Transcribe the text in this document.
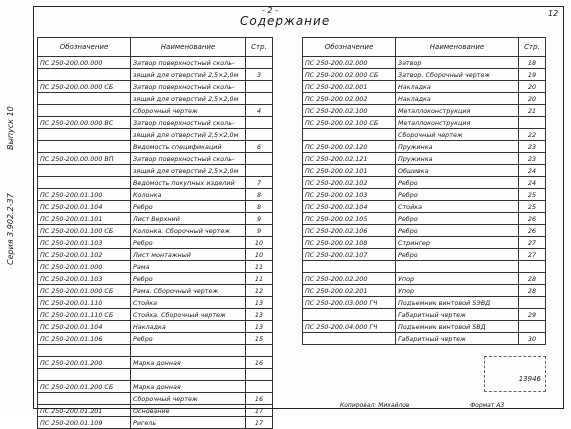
Выпуск 10
Серия 3.902.2-37
- 2 -	12
Содержание
Обозначение	Наименование	Стр.
ПС 250-200.00.000	Затвор поверхностный сколь-	
	зящий для отверстий 2,5×2,0м	3
ПС 250-200.00.000 СБ	Затвор поверхностный сколь-	
	зящий для отверстий 2,5×2,0м	
	Сборочный чертеж	4
ПС 250-200.00.000 ВС	Затвор поверхностный сколь-	
	зящий для отверстий 2,5×2,0м	
	Ведомость спецификаций	6
ПС 250-200.00.000 ВП	Затвор поверхностный сколь-	
	зящий для отверстий 2,5×2,0м	
	Ведомость покупных изделий	7
ПС 250-200.01.100	Колонка	8
ПС 250-200.01.104	Ребро	8
ПС 250-200.01.101	Лист Верхний	9
ПС 250-200.01.100 СБ	Колонка. Сборочный чертеж	9
ПС 250-200.01.103	Ребро	10
ПС 250-200.01.102	Лист монтажный	10
ПС 250-200.01.000	Рама	11
ПС 250-200.01.103	Ребро	11
ПС 250-200.01.000 СБ	Рама. Сборочный чертеж	12
ПС 250-200.01.110	Стойка	13
ПС 250-200.01.110 СБ	Стойка. Сборочный чертеж	13
ПС 250-200.01.104	Накладка	13
ПС 250-200.01.106	Ребро	15

ПС 250-200.01.200	Марка донная	16

ПС 250-200.01.200 СБ	Марка донная	
	Сборочный чертеж	16
ПС 250-200.01.201	Основание	17
ПС 250-200.01.109	Ригель	17
Обозначение	Наименование	Стр.
ПС 250-200.02.000	Затвор	18
ПС 250-200.02.000 СБ	Затвор. Сборочный чертеж	19
ПС 250-200.02.001	Накладка	20
ПС 250-200.02.002	Накладка	20
ПС 250-200.02.100	Металлоконструкция	21
ПС 250-200.02.100 СБ	Металлоконструкция	
	Сборочный чертеж	22
ПС 250-200.02.120	Пружинка	23
ПС 250-200.02.121	Пружинка	23
ПС 250-200.02.101	Обшивка	24
ПС 250-200.02.102	Ребро	24
ПС 250-200.02.103	Ребро	25
ПС 250-200.02.104	Стойка	25
ПС 250-200.02.105	Ребро	26
ПС 250-200.02.106	Ребро	26
ПС 250-200.02.108	Стрингер	27
ПС 250-200.02.107	Ребро	27

ПС 250-200.02.200	Упор	28
ПС 250-200.02.201	Упор	28
ПС 250-200.03.000 ГЧ	Подъемник винтовой 5ЭВД	
	Габаритный чертеж	29
ПС 250-200.04.000 ГЧ	Подъемник винтовой 5ВД	
	Габаритный чертеж	30
13946
Копировал: Михайлов	Формат А3
